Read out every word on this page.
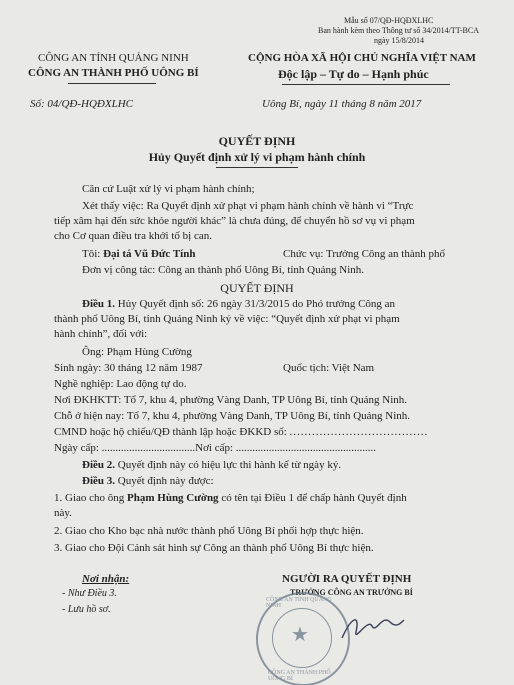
Mẫu số 07/QĐ-HQĐXLHC
Ban hành kèm theo Thông tư số 34/2014/TT-BCA
ngày 15/8/2014
CÔNG AN TỈNH QUẢNG NINH
CÔNG AN THÀNH PHỐ UÔNG BÍ
CỘNG HÒA XÃ HỘI CHỦ NGHĨA VIỆT NAM
Độc lập – Tự do – Hạnh phúc
Số: 04/QĐ-HQĐXLHC	Uông Bí, ngày 11 tháng 8 năm 2017
QUYẾT ĐỊNH
Hủy Quyết định xử lý vi phạm hành chính
Căn cứ Luật xử lý vi phạm hành chính;
Xét thấy việc: Ra Quyết định xử phạt vi phạm hành chính về hành vi “Trực
tiếp xâm hại đến sức khỏe người khác” là chưa đúng, để chuyển hồ sơ vụ vi phạm
cho Cơ quan điều tra khởi tố bị can.
Tôi: Đại tá Vũ Đức Tính	Chức vụ: Trưởng Công an thành phố
Đơn vị công tác: Công an thành phố Uông Bí, tỉnh Quảng Ninh.
QUYẾT ĐỊNH
Điều 1. Hủy Quyết định số: 26 ngày 31/3/2015 do Phó trưởng Công an
thành phố Uông Bí, tỉnh Quảng Ninh ký về việc: “Quyết định xử phạt vi phạm
hành chính”, đối với:
Ông: Phạm Hùng Cường
Sinh ngày: 30 tháng 12 năm 1987	Quốc tịch: Việt Nam
Nghề nghiệp: Lao động tự do.
Nơi ĐKHKTT: Tổ 7, khu 4, phường Vàng Danh, TP Uông Bí, tỉnh Quảng Ninh.
Chỗ ở hiện nay: Tổ 7, khu 4, phường Vàng Danh, TP Uông Bí, tỉnh Quảng Ninh.
CMND hoặc hộ chiếu/QĐ thành lập hoặc ĐKKD số: .....................................
Ngày cấp: ..................................Nơi cấp: ...................................................
Điều 2. Quyết định này có hiệu lực thi hành kể từ ngày ký.
Điều 3. Quyết định này được:
1. Giao cho ông Phạm Hùng Cường có tên tại Điều 1 để chấp hành Quyết định
này.
2. Giao cho Kho bạc nhà nước thành phố Uông Bí phối hợp thực hiện.
3. Giao cho Đội Cảnh sát hình sự Công an thành phố Uông Bí thực hiện.
Nơi nhận:
- Như Điều 3.
- Lưu hồ sơ.
NGƯỜI RA QUYẾT ĐỊNH
TRƯỞNG CÔNG AN TRƯỞNG BÍ
CÔNG AN TỈNH QUẢNG NINH
★
CÔNG AN THÀNH PHỐ UÔNG BÍ
